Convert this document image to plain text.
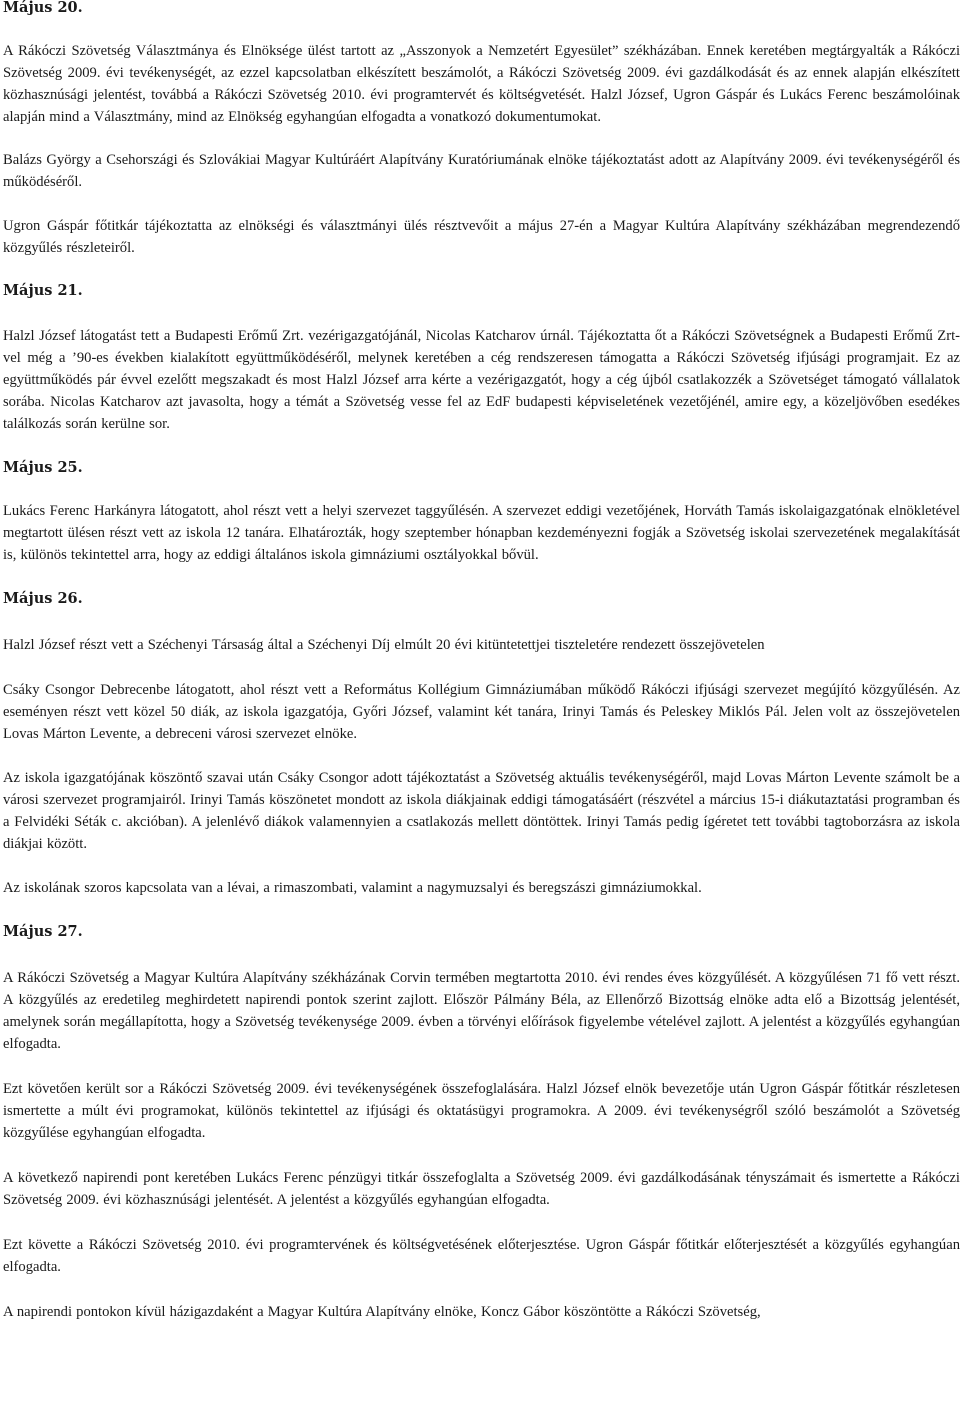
Május 20.

A Rákóczi Szövetség Választmánya és Elnöksége ülést tartott az „Asszonyok a Nemzetért Egyesület” székházában. Ennek keretében megtárgyalták a Rákóczi Szövetség 2009. évi tevékenységét, az ezzel kapcsolatban elkészített beszámolót, a Rákóczi Szövetség 2009. évi gazdálkodását és az ennek alapján elkészített közhasznúsági jelentést, továbbá a Rákóczi Szövetség 2010. évi programtervét és költségvetését. Halzl József, Ugron Gáspár és Lukács Ferenc beszámolóinak alapján mind a Választmány, mind az Elnökség egyhangúan elfogadta a vonatkozó dokumentumokat.

Balázs György a Csehországi és Szlovákiai Magyar Kultúráért Alapítvány Kuratóriumának elnöke tájékoztatást adott az Alapítvány 2009. évi tevékenységéről és működéséről.

Ugron Gáspár főtitkár tájékoztatta az elnökségi és választmányi ülés résztvevőit a május 27-én a Magyar Kultúra Alapítvány székházában megrendezendő közgyűlés részleteiről.

Május 21.

Halzl József látogatást tett a Budapesti Erőmű Zrt. vezérigazgatójánál, Nicolas Katcharov úrnál. Tájékoztatta őt a Rákóczi Szövetségnek a Budapesti Erőmű Zrt-vel még a ’90-es években kialakított együttműködéséről, melynek keretében a cég rendszeresen támogatta a Rákóczi Szövetség ifjúsági programjait. Ez az együttműködés pár évvel ezelőtt megszakadt és most Halzl József arra kérte a vezérigazgatót, hogy a cég újból csatlakozzék a Szövetséget támogató vállalatok sorába. Nicolas Katcharov azt javasolta, hogy a témát a Szövetség vesse fel az EdF budapesti képviseletének vezetőjénél, amire egy, a közeljövőben esedékes találkozás során kerülne sor.

Május 25.

Lukács Ferenc Harkányra látogatott, ahol részt vett a helyi szervezet taggyűlésén. A szervezet eddigi vezetőjének, Horváth Tamás iskolaigazgatónak elnökletével megtartott ülésen részt vett az iskola 12 tanára. Elhatározták, hogy szeptember hónapban kezdeményezni fogják a Szövetség iskolai szervezetének megalakítását is, különös tekintettel arra, hogy az eddigi általános iskola gimnáziumi osztályokkal bővül.

Május 26.

Halzl József részt vett a Széchenyi Társaság által a Széchenyi Díj elmúlt 20 évi kitüntetettjei tiszteletére rendezett összejövetelen

Csáky Csongor Debrecenbe látogatott, ahol részt vett a Református Kollégium Gimnáziumában működő Rákóczi ifjúsági szervezet megújító közgyűlésén. Az eseményen részt vett közel 50 diák, az iskola igazgatója, Győri József, valamint két tanára, Irinyi Tamás és Peleskey Miklós Pál. Jelen volt az összejövetelen Lovas Márton Levente, a debreceni városi szervezet elnöke.

Az iskola igazgatójának köszöntő szavai után Csáky Csongor adott tájékoztatást a Szövetség aktuális tevékenységéről, majd Lovas Márton Levente számolt be a városi szervezet programjairól. Irinyi Tamás köszönetet mondott az iskola diákjainak eddigi támogatásáért (részvétel a március 15-i diákutaztatási programban és a Felvidéki Séták c. akcióban). A jelenlévő diákok valamennyien a csatlakozás mellett döntöttek. Irinyi Tamás pedig ígéretet tett további tagtoborzásra az iskola diákjai között.

Az iskolának szoros kapcsolata van a lévai, a rimaszombati, valamint a nagymuzsalyi és beregszászi gimnáziumokkal.

Május 27.

A Rákóczi Szövetség a Magyar Kultúra Alapítvány székházának Corvin termében megtartotta 2010. évi rendes éves közgyűlését. A közgyűlésen 71 fő vett részt. A közgyűlés az eredetileg meghirdetett napirendi pontok szerint zajlott. Először Pálmány Béla, az Ellenőrző Bizottság elnöke adta elő a Bizottság jelentését, amelynek során megállapította, hogy a Szövetség tevékenysége 2009. évben a törvényi előírások figyelembe vételével zajlott. A jelentést a közgyűlés egyhangúan elfogadta.

Ezt követően került sor a Rákóczi Szövetség 2009. évi tevékenységének összefoglalására. Halzl József elnök bevezetője után Ugron Gáspár főtitkár részletesen ismertette a múlt évi programokat, különös tekintettel az ifjúsági és oktatásügyi programokra. A 2009. évi tevékenységről szóló beszámolót a Szövetség közgyűlése egyhangúan elfogadta.

A következő napirendi pont keretében Lukács Ferenc pénzügyi titkár összefoglalta a Szövetség 2009. évi gazdálkodásának tényszámait és ismertette a Rákóczi Szövetség 2009. évi közhasznúsági jelentését. A jelentést a közgyűlés egyhangúan elfogadta.

Ezt követte a Rákóczi Szövetség 2010. évi programtervének és költségvetésének előterjesztése. Ugron Gáspár főtitkár előterjesztését a közgyűlés egyhangúan elfogadta.

A napirendi pontokon kívül házigazdaként a Magyar Kultúra Alapítvány elnöke, Koncz Gábor köszöntötte a Rákóczi Szövetség,
